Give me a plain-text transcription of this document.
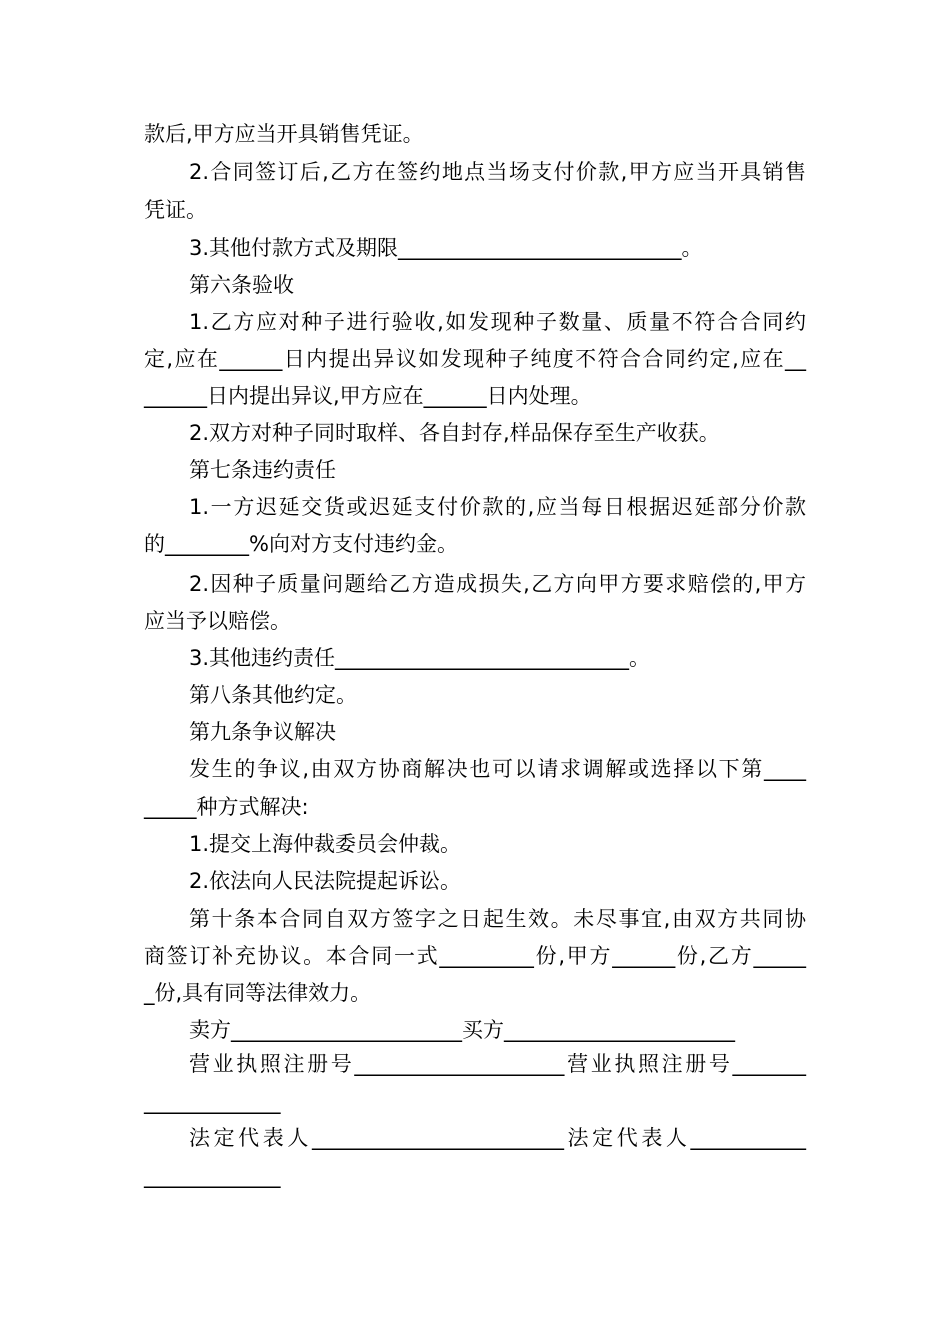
款后,甲方应当开具销售凭证。
2.合同签订后,乙方在签约地点当场支付价款,甲方应当开具销售
凭证。
3.其他付款方式及期限___________________________。
第六条验收
1.乙方应对种子进行验收,如发现种子数量、质量不符合合同约
定,应在______日内提出异议如发现种子纯度不符合合同约定,应在__
______日内提出异议,甲方应在______日内处理。
2.双方对种子同时取样、各自封存,样品保存至生产收获。
第七条违约责任
1.一方迟延交货或迟延支付价款的,应当每日根据迟延部分价款
的________%向对方支付违约金。
2.因种子质量问题给乙方造成损失,乙方向甲方要求赔偿的,甲方
应当予以赔偿。
3.其他违约责任____________________________。
第八条其他约定。
第九条争议解决
发生的争议,由双方协商解决也可以请求调解或选择以下第____
_____种方式解决:
1.提交上海仲裁委员会仲裁。
2.依法向人民法院提起诉讼。
第十条本合同自双方签字之日起生效。未尽事宜,由双方共同协
商签订补充协议。本合同一式_________份,甲方______份,乙方_____
_份,具有同等法律效力。
卖方______________________买方______________________
营业执照注册号____________________营业执照注册号_______
_____________
法定代表人________________________法定代表人___________
_____________
